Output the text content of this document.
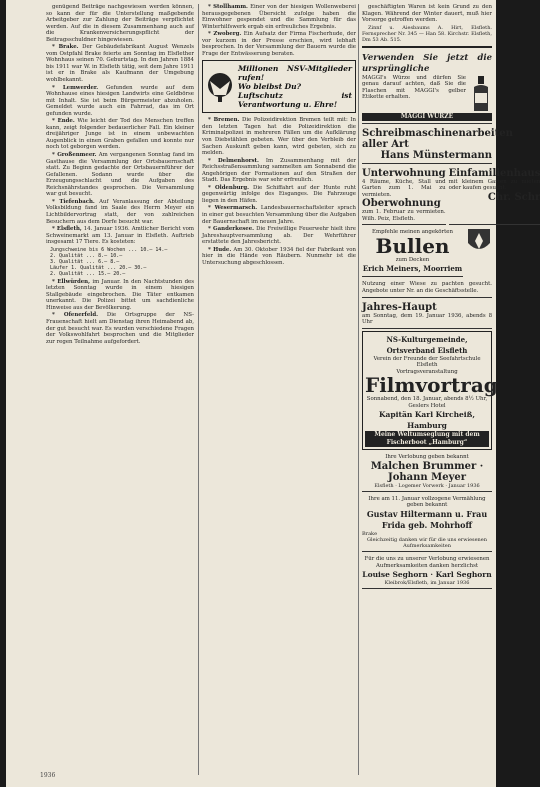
genügend Beiträge nachgewiesen werden können, so kann der für die Unterstellung maßgebende Arbeitgeber zur Zahlung der Beiträge verpflichtet werden. Auf die in diesem Zusammenhang auch auf die Krankenversicherungspflicht der Beitragsschuldner hingewiesen.

* Brake. Der Gebäudefabrikant August Wenzels vom Ostpfahl Brake feierte am Sonntag im Elsflether Wohnhaus seinen 70. Geburtstag. In den Jahren 1884 bis 1911 war W. in Elsfleth tätig, seit dem Jahre 1911 ist er in Brake als Kaufmann der Umgebung wohlbekannt.

* Lemwerder. Gefunden wurde auf dem Wohnhause eines hiesigen Landwirts eine Geldbörse mit Inhalt. Sie ist beim Bürgermeister abzuholen. Gemeldet wurde auch ein Fahrrad, das im Ort gefunden wurde.

* Ende. Wie leicht der Tod des Menschen treffen kann, zeigt folgender bedauerlicher Fall. Ein kleiner dreijähriger Junge ist in einem unbewachten Augenblick in einen Graben gefallen und konnte nur noch tot geborgen werden.

* Großenmeer. Am vergangenen Sonntag fand im Gasthause die Versammlung der Ortsbauernschaft statt. Zu Beginn gedachte der Ortsbauernführer der Gefallenen. Sodann wurde über die Erzeugungsschlacht und die Aufgaben des Reichsnährstandes gesprochen. Die Versammlung war gut besucht.

* Tiefenbach. Auf Veranlassung der Abteilung Volksbildung fand im Saale des Herrn Meyer ein Lichtbildervortrag statt, der von zahlreichen Besuchern aus dem Dorfe besucht war.

* Elsfleth, 14. Januar 1936. Amtlicher Bericht vom Schweinemarkt am 13. Januar in Elsfleth. Auftrieb insgesamt 17 Tiere. Es kosteten:

Jungschweine bis 6 Wochen ... 10.— 14.—
2. Qualität ... 8.— 10.—
3. Qualität ... 6.— 8.—
Läufer 1. Qualität ... 20.— 30.—
2. Qualität ... 15.— 20.—

* Ellwürden, im Januar. In den Nachtstunden des letzten Sonntag wurde in einem hiesigen Stallgebäude eingebrochen. Die Täter entkamen unerkannt. Die Polizei bittet um sachdienliche Hinweise aus der Bevölkerung.

* Ofenerfeld. Die Ortsgruppe der NS-Frauenschaft hielt am Dienstag ihren Heimabend ab, der gut besucht war. Es wurden verschiedene Fragen der Volkswohlfahrt besprochen und die Mitglieder zur regen Teilnahme aufgefordert.

* Stollhamm. Einer von der hiesigen Wollenweberei herausgegebenen Übersicht zufolge haben die Einwohner gespendet und die Sammlung für das Winterhilfswerk ergab ein erfreuliches Ergebnis.

* Zwoberg. Ein Aufsatz der Firma Fischerhude, der vor kurzem in der Presse erschien, wird lebhaft besprochen. In der Versammlung der Bauern wurde die Frage der Entwässerung beraten.

Millionen NSV-Mitglieder rufen!
Wo bleibst Du?
Luftschutz ist Verantwortung u. Ehre!

* Bremen. Die Polizeidirektion Bremen teilt mit: In den letzten Tagen hat die Polizeidirektion die Kriminalpolizei in mehreren Fällen um die Aufklärung von Diebstählen gebeten. Wer über den Verbleib der Sachen Auskunft geben kann, wird gebeten, sich zu melden.

* Delmenhorst. Im Zusammenhang mit der Reichsstraßensammlung sammelten am Sonnabend die Angehörigen der Formationen auf den Straßen der Stadt. Das Ergebnis war sehr erfreulich.

* Oldenburg. Die Schiffahrt auf der Hunte ruht gegenwärtig infolge des Eisganges. Die Fahrzeuge liegen in den Häfen.

* Wesermarsch. Landesbauernschaftsleiter sprach in einer gut besuchten Versammlung über die Aufgaben der Bauernschaft im neuen Jahre.

* Ganderkesee. Die Freiwillige Feuerwehr hielt ihre Jahreshauptversammlung ab. Der Wehrführer erstattete den Jahresbericht.

* Hude. Am 30. Oktober 1934 fiel der Fabrikant von hier in die Hände von Räubern. Nunmehr ist die Untersuchung abgeschlossen.

geschäftigten Waren ist kein Grund zu den Klagen. Während der Winter dauert, muß hier Vorsorge getroffen werden.

Zinnf u. Aiesbaums A. Hirt, Elsfleth. Fernsprecher Nr. 345 — Han 58. Kirchstr. Elsfleth, Dm 53 Ab. 515.

Verwenden Sie jetzt die ursprüngliche
MAGGI's Würze und dürfen Sie genau darauf achten, daß Sie die Flaschen mit MAGGI's gelber Etikette erhalten.
MAGGI WÜRZE
Schreibmaschinenarbeiten aller Art
Hans Münstermann
Unterwohnung
4 Räume, Küche, Stall und Garten zum 1. Mai zu vermieten.
Oberwohnung
zum 1. Februar zu vermieten. Wilh. Peiz, Elsfleth.
Einfamilienhaus
mit kleinem Garten zu mieten oder kaufen gesucht.
Chr. Schr
Empfehle meinen angekörten
Bullen
zum Decken
Erich Meiners, Moorriem
Nutzung einer Wiese zu pachten gesucht. Angebote unter Nr. an die Geschäftsstelle.
Jahres-Haupt
am Sonntag, dem 19. Januar 1936, abends 8 Uhr
NS-Kulturgemeinde, Ortsverband Elsfleth
Verein der Freunde der Seefahrtschule Elsfleth
Vortragsveranstaltung
Filmvortrag
Sonnabend, den 18. Januar, abends 8½ Uhr, Geslers Hotel
Kapitän Karl Kircheiß, Hamburg
Meine Weltumseglung mit dem Fischerboot „Hamburg“
Ihre Verlobung geben bekannt
Malchen Brummer · Johann Meyer
Elsfleth · Logemer Vorwerk · Januar 1936
Ihre am 11. Januar vollzogene Vermählung geben bekannt
Gustav Hiltermann u. Frau Frida geb. Mohrhoff
Brake
Gleichzeitig danken wir für die uns erwiesenen Aufmerksamkeiten
Für die uns zu unserer Verlobung erwiesenen Aufmerksamkeiten danken herzlichst
Louise Seghorn · Karl Seghorn
Kleibrok/Elsfleth, im Januar 1936
1936
